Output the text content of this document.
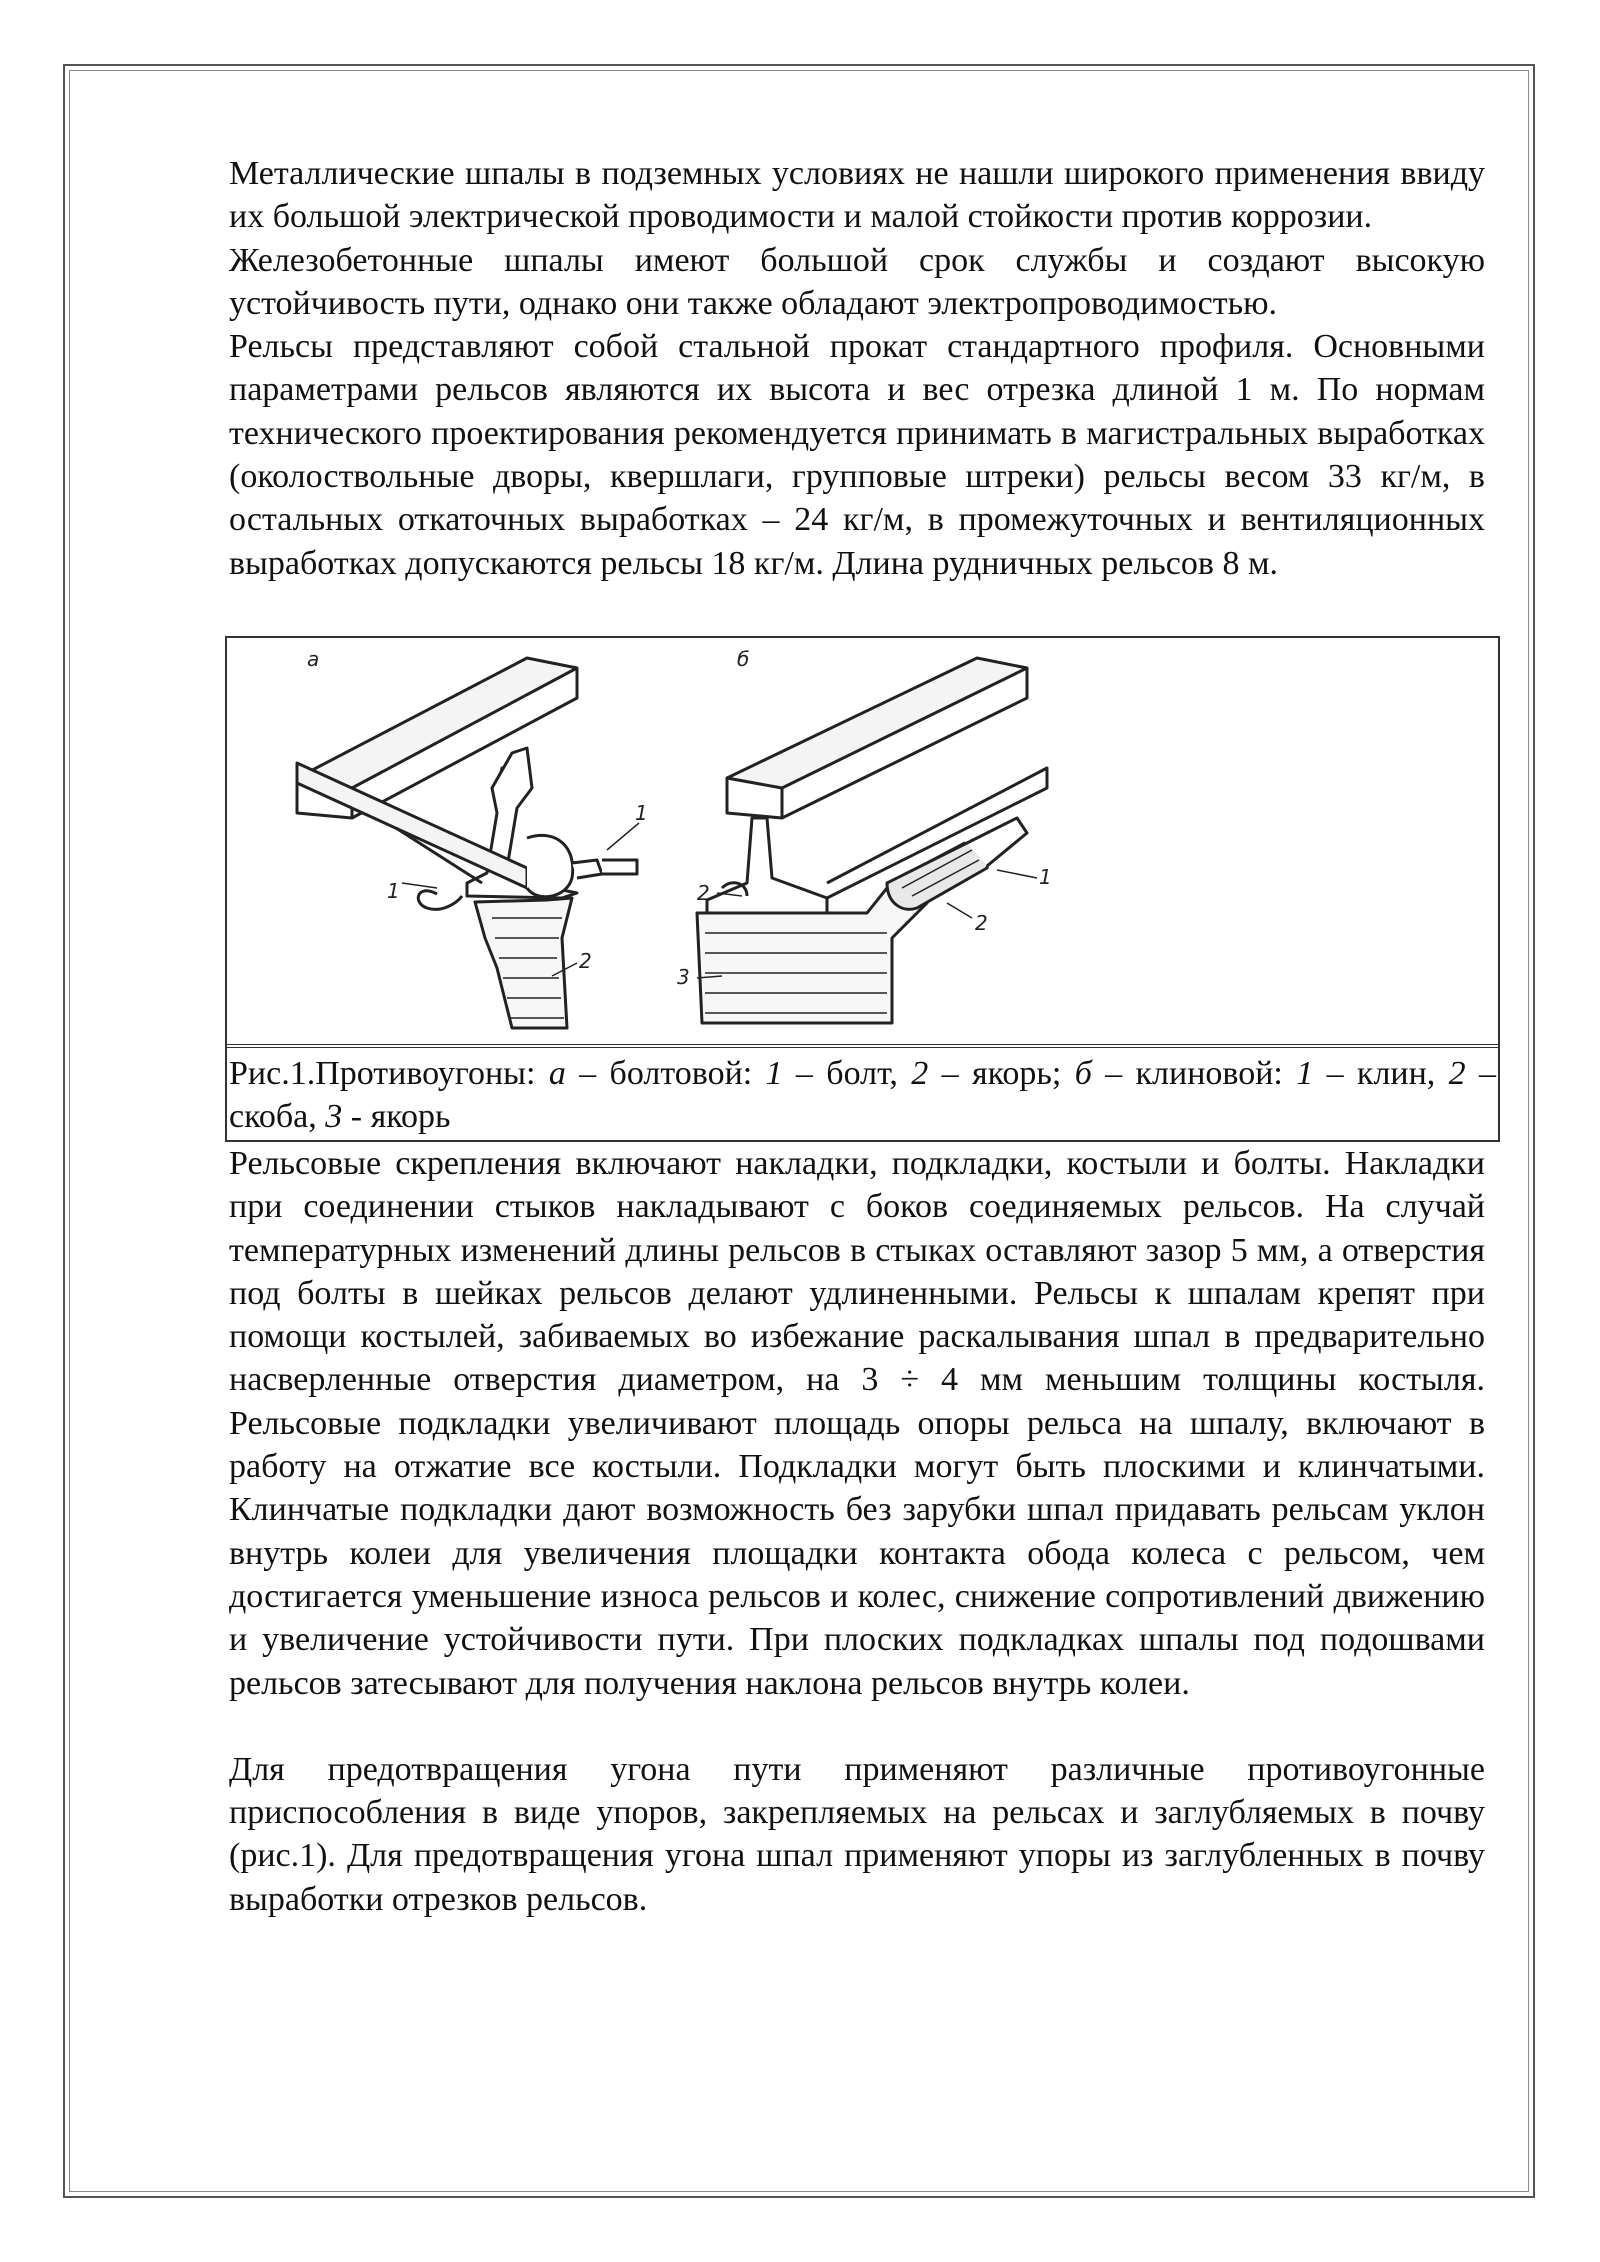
Металлические шпалы в подземных условиях не нашли широкого применения ввиду их большой электрической проводимости и малой стойкости против коррозии.

Железобетонные шпалы имеют большой срок службы и создают высокую устойчивость пути, однако они также обладают электропроводимостью.

Рельсы представляют собой стальной прокат стандартного профиля. Основными параметрами рельсов являются их высота и вес отрезка длиной 1 м. По нормам технического проектирования рекомендуется принимать в магистральных выработках (околоствольные дворы, квершлаги, групповые штреки) рельсы весом 33 кг/м, в остальных откаточных выработках – 24 кг/м, в промежуточных и вентиляционных выработках допускаются рельсы 18 кг/м. Длина рудничных рельсов 8 м.

а	б
1
1
2
1
2
2
3
Рис.1.Противоугоны: а – болтовой: 1 – болт, 2 – якорь; б – клиновой: 1 – клин, 2 – скоба, 3 - якорь

Рельсовые скрепления включают накладки, подкладки, костыли и болты. Накладки при соединении стыков накладывают с боков соединяемых рельсов. На случай температурных изменений длины рельсов в стыках оставляют зазор 5 мм, а отверстия под болты в шейках рельсов делают удлиненными. Рельсы к шпалам крепят при помощи костылей, забиваемых во избежание раскалывания шпал в предварительно насверленные отверстия диаметром, на 3 ÷ 4 мм меньшим толщины костыля. Рельсовые подкладки увеличивают площадь опоры рельса на шпалу, включают в работу на отжатие все костыли. Подкладки могут быть плоскими и клинчатыми. Клинчатые подкладки дают возможность без зарубки шпал придавать рельсам уклон внутрь колеи для увеличения площадки контакта обода колеса с рельсом, чем достигается уменьшение износа рельсов и колес, снижение сопротивлений движению и увеличение устойчивости пути. При плоских подкладках шпалы под подошвами рельсов затесывают для получения наклона рельсов внутрь колеи.

Для предотвращения угона пути применяют различные противоугонные приспособления в виде упоров, закрепляемых на рельсах и заглубляемых в почву (рис.1). Для предотвращения угона шпал применяют упоры из заглубленных в почву выработки отрезков рельсов.
